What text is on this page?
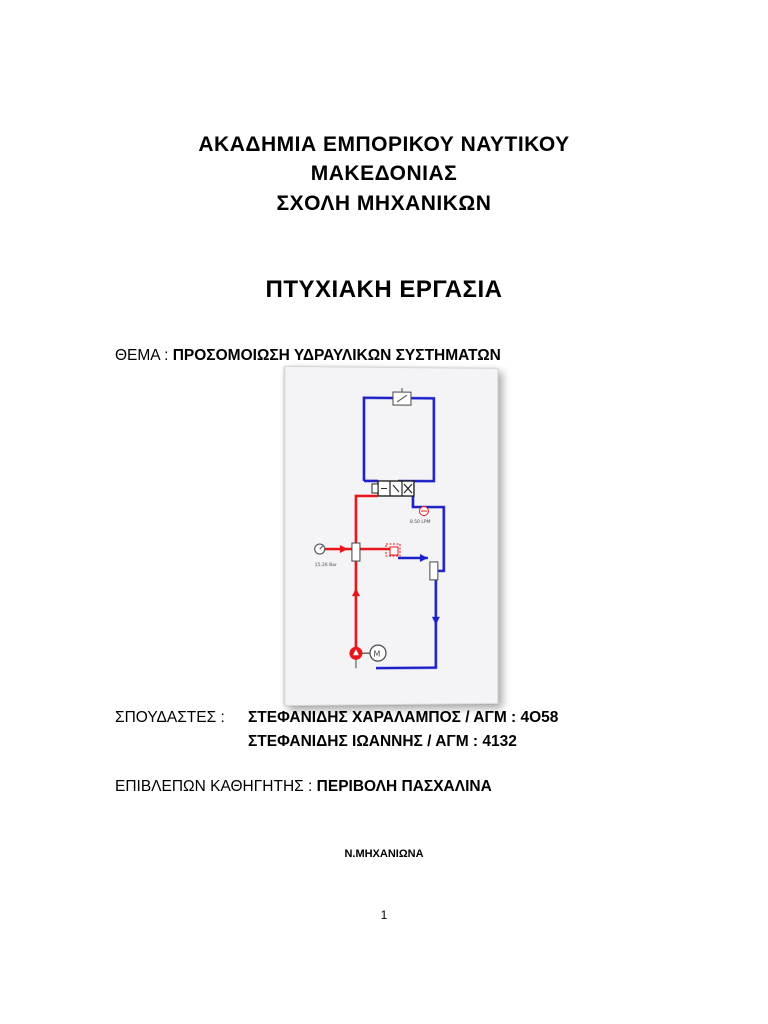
ΑΚΑΔΗΜΙΑ ΕΜΠΟΡΙΚΟΥ ΝΑΥΤΙΚΟΥ
ΜΑΚΕΔΟΝΙΑΣ
ΣΧΟΛΗ ΜΗΧΑΝΙΚΩΝ
ΠΤΥΧΙΑΚΗ ΕΡΓΑΣΙΑ
ΘΕΜΑ : ΠΡΟΣΟΜΟΙΩΣΗ ΥΔΡΑΥΛΙΚΩΝ ΣΥΣΤΗΜΑΤΩΝ
15.26 Bar
8.50 LPM
M
ΣΠΟΥΔΑΣΤΕΣ : ΣΤΕΦΑΝΙΔΗΣ ΧΑΡΑΛΑΜΠΟΣ / ΑΓΜ : 4Ο58
ΣΤΕΦΑΝΙΔΗΣ ΙΩΑΝΝΗΣ / ΑΓΜ : 4132
ΕΠΙΒΛΕΠΩΝ ΚΑΘΗΓΗΤΗΣ : ΠΕΡΙΒΟΛΗ ΠΑΣΧΑΛΙΝΑ
Ν.ΜΗΧΑΝΙΩΝΑ
1
